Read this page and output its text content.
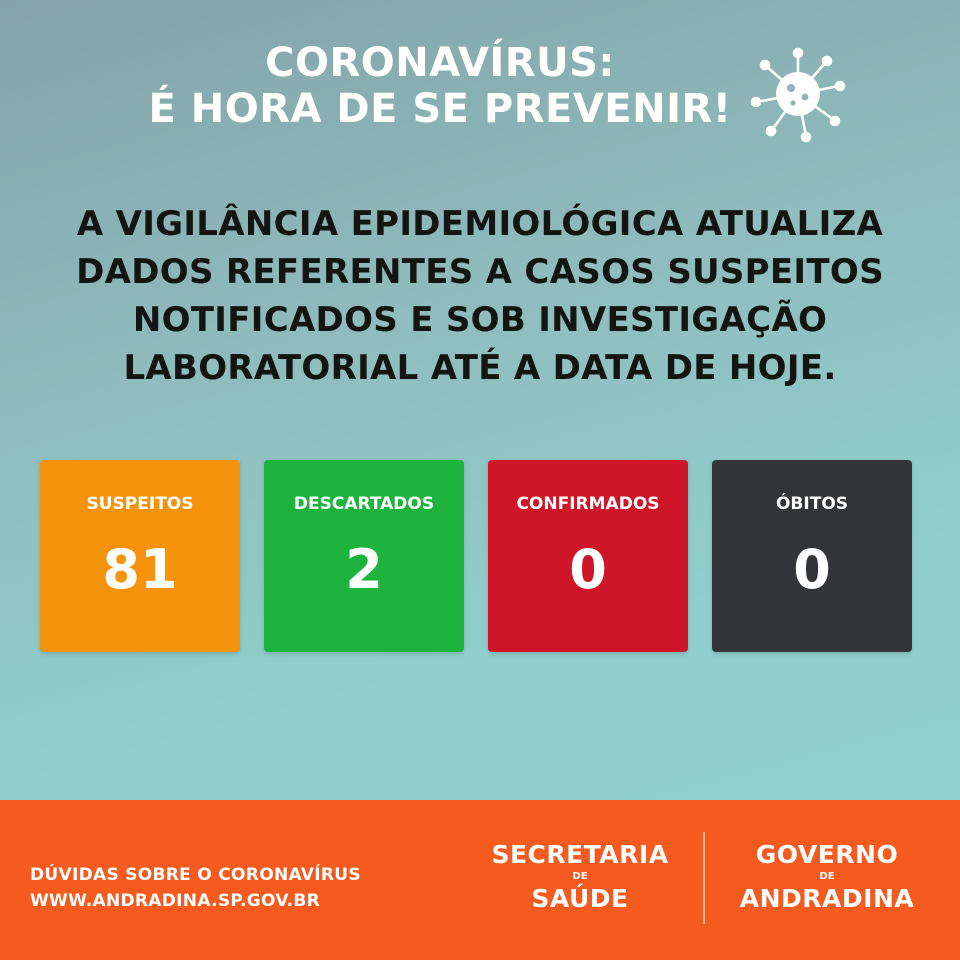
CORONAVÍRUS:
É HORA DE SE PREVENIR!
A VIGILÂNCIA EPIDEMIOLÓGICA ATUALIZA
DADOS REFERENTES A CASOS SUSPEITOS
NOTIFICADOS E SOB INVESTIGAÇÃO
LABORATORIAL ATÉ A DATA DE HOJE.
SUSPEITOS
81
DESCARTADOS
2
CONFIRMADOS
0
ÓBITOS
0
DÚVIDAS SOBRE O CORONAVÍRUS
WWW.ANDRADINA.SP.GOV.BR
SECRETARIA
DE
SAÚDE
GOVERNO
DE
ANDRADINA
